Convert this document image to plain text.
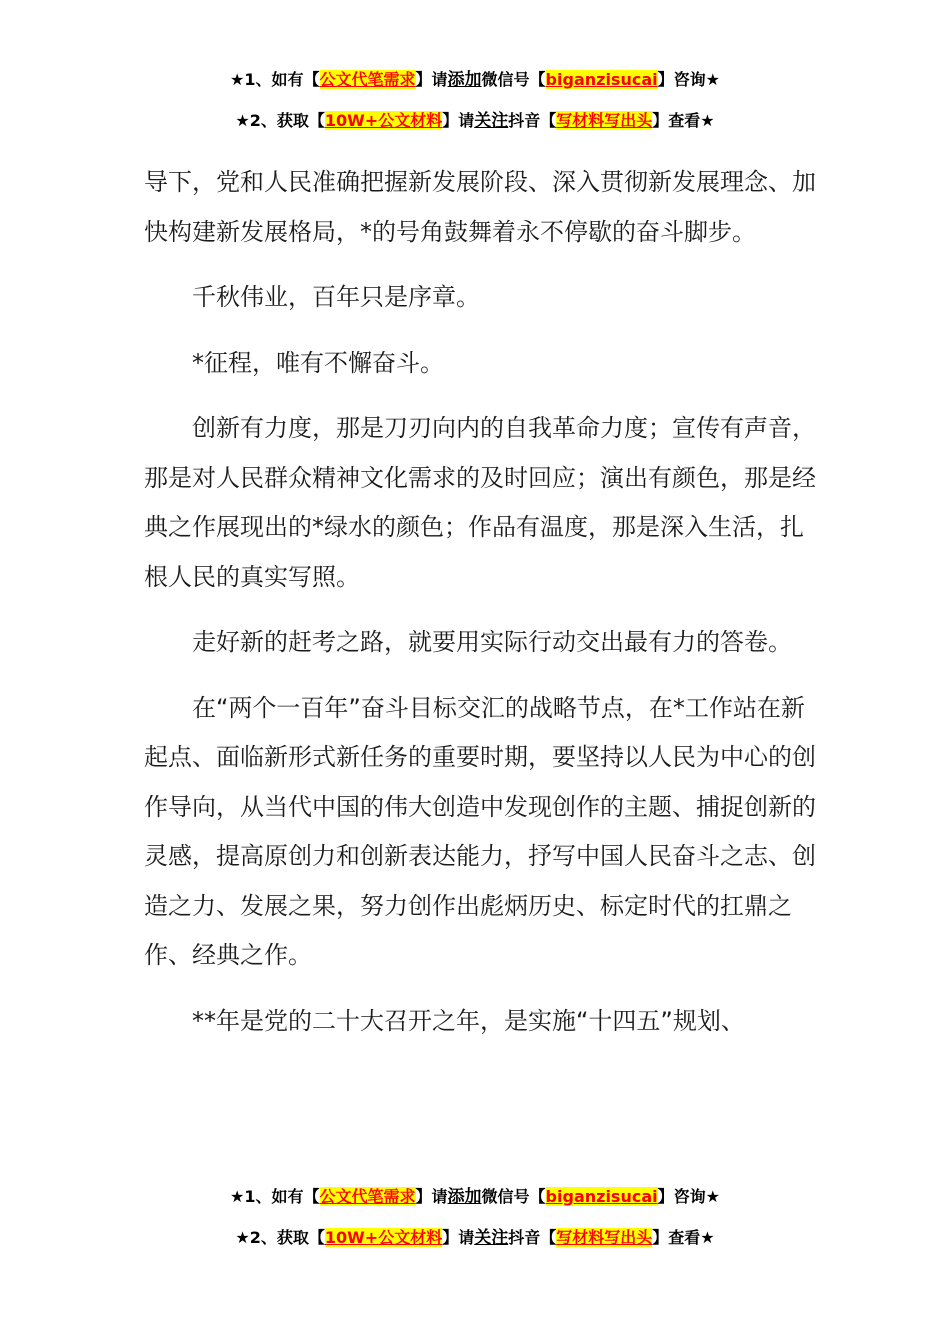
★1、如有【公文代笔需求】请添加微信号【biganzisucai】咨询★
★2、获取【10W+公文材料】请关注抖音【写材料写出头】查看★

导下，党和人民准确把握新发展阶段、深入贯彻新发展理念、加快构建新发展格局，*的号角鼓舞着永不停歇的奋斗脚步。

千秋伟业，百年只是序章。

*征程，唯有不懈奋斗。

创新有力度，那是刀刃向内的自我革命力度；宣传有声音，那是对人民群众精神文化需求的及时回应；演出有颜色，那是经典之作展现出的*绿水的颜色；作品有温度，那是深入生活，扎根人民的真实写照。

走好新的赶考之路，就要用实际行动交出最有力的答卷。

在“两个一百年”奋斗目标交汇的战略节点，在*工作站在新起点、面临新形式新任务的重要时期，要坚持以人民为中心的创作导向，从当代中国的伟大创造中发现创作的主题、捕捉创新的灵感，提高原创力和创新表达能力，抒写中国人民奋斗之志、创造之力、发展之果，努力创作出彪炳历史、标定时代的扛鼎之作、经典之作。

**年是党的二十大召开之年，是实施“十四五”规划、

★1、如有【公文代笔需求】请添加微信号【biganzisucai】咨询★
★2、获取【10W+公文材料】请关注抖音【写材料写出头】查看★
